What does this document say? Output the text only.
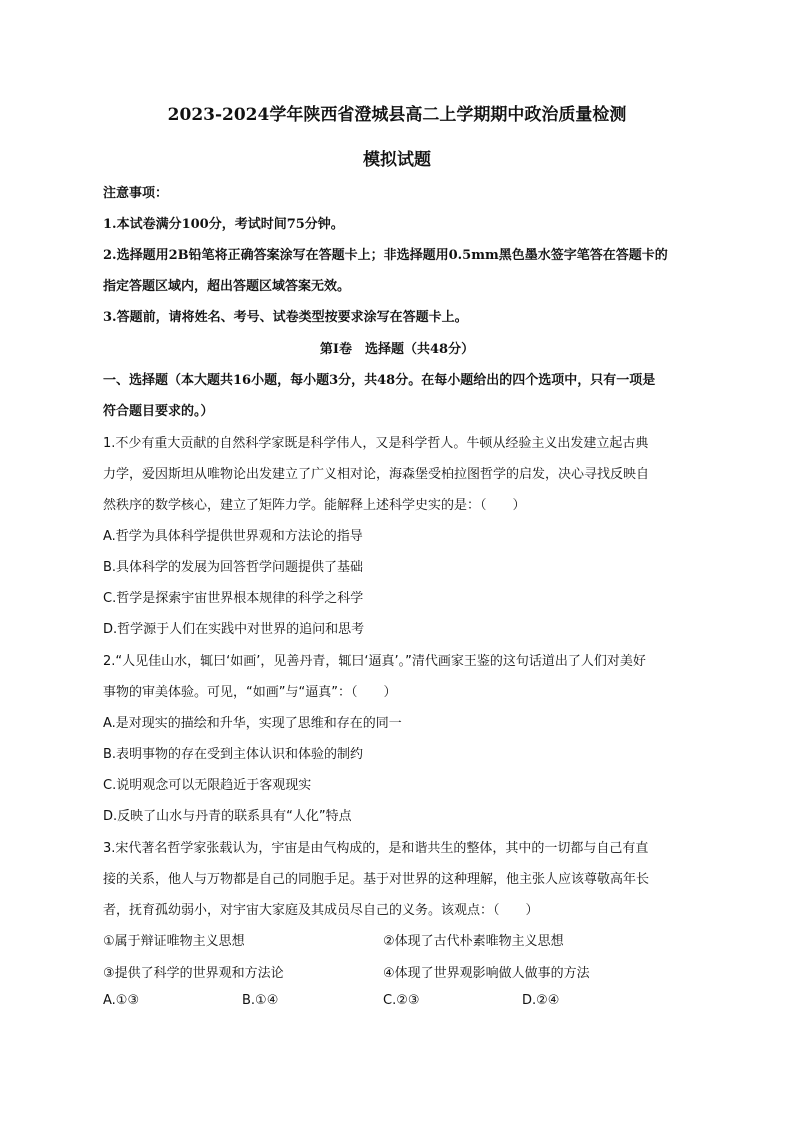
2023-2024学年陕西省澄城县高二上学期期中政治质量检测
模拟试题
注意事项：
1.本试卷满分100分，考试时间75分钟。
2.选择题用2B铅笔将正确答案涂写在答题卡上；非选择题用0.5mm黑色墨水签字笔答在答题卡的
指定答题区域内，超出答题区域答案无效。
3.答题前，请将姓名、考号、试卷类型按要求涂写在答题卡上。
第Ⅰ卷　选择题（共48分）
一、选择题（本大题共16小题，每小题3分，共48分。在每小题给出的四个选项中，只有一项是
符合题目要求的。）
1.不少有重大贡献的自然科学家既是科学伟人，又是科学哲人。牛顿从经验主义出发建立起古典
力学，爱因斯坦从唯物论出发建立了广义相对论，海森堡受柏拉图哲学的启发，决心寻找反映自
然秩序的数学核心，建立了矩阵力学。能解释上述科学史实的是：（　　）
A.哲学为具体科学提供世界观和方法论的指导
B.具体科学的发展为回答哲学问题提供了基础
C.哲学是探索宇宙世界根本规律的科学之科学
D.哲学源于人们在实践中对世界的追问和思考
2.“人见佳山水，辄曰‘如画’，见善丹青，辄曰‘逼真’。”清代画家王鉴的这句话道出了人们对美好
事物的审美体验。可见，“如画”与“逼真”：（　　）
A.是对现实的描绘和升华，实现了思维和存在的同一
B.表明事物的存在受到主体认识和体验的制约
C.说明观念可以无限趋近于客观现实
D.反映了山水与丹青的联系具有“人化”特点
3.宋代著名哲学家张载认为，宇宙是由气构成的，是和谐共生的整体，其中的一切都与自己有直
接的关系，他人与万物都是自己的同胞手足。基于对世界的这种理解，他主张人应该尊敬高年长
者，抚育孤幼弱小，对宇宙大家庭及其成员尽自己的义务。该观点：（　　）
①属于辩证唯物主义思想	②体现了古代朴素唯物主义思想
③提供了科学的世界观和方法论	④体现了世界观影响做人做事的方法
A.①③	B.①④	C.②③	D.②④
